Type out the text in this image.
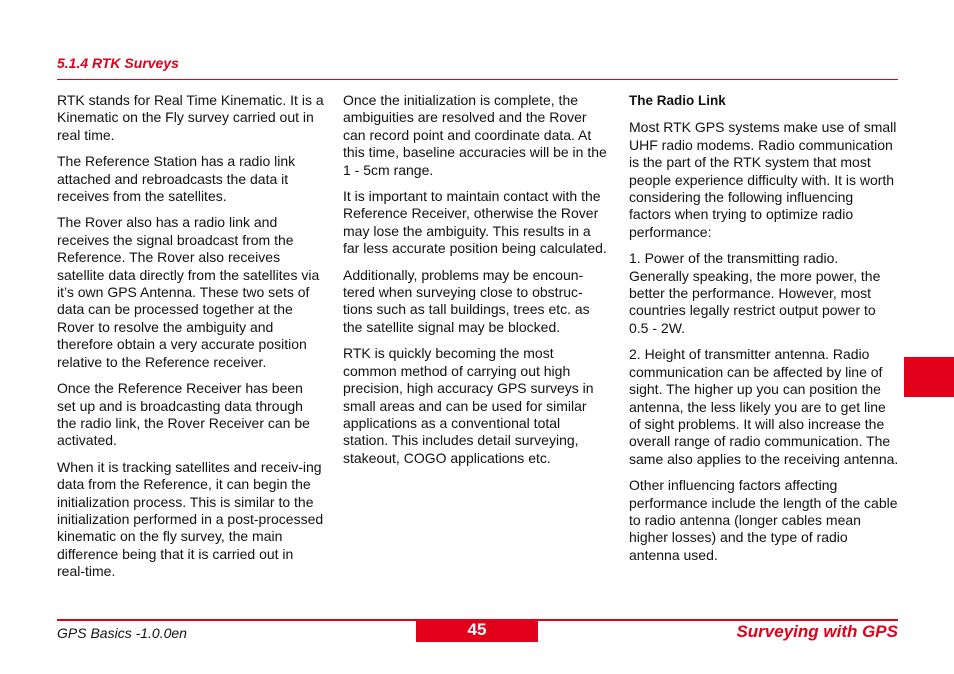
5.1.4 RTK Surveys

RTK stands for Real Time Kinematic. It is a Kinematic on the Fly survey carried out in real time.

The Reference Station has a radio link attached and rebroadcasts the data it receives from the satellites.

The Rover also has a radio link and receives the signal broadcast from the Reference. The Rover also receives satellite data directly from the satellites via it’s own GPS Antenna. These two sets of data can be processed together at the Rover to resolve the ambiguity and therefore obtain a very accurate position relative to the Reference receiver.

Once the Reference Receiver has been set up and is broadcasting data through the radio link, the Rover Receiver can be activated.

When it is tracking satellites and receiv-ing data from the Reference, it can begin the initialization process. This is similar to the initialization performed in a post-processed kinematic on the fly survey, the main difference being that it is carried out in real-time.

Once the initialization is complete, the ambiguities are resolved and the Rover can record point and coordinate data. At this time, baseline accuracies will be in the 1 - 5cm range.

It is important to maintain contact with the Reference Receiver, otherwise the Rover may lose the ambiguity. This results in a far less accurate position being calculated.

Additionally, problems may be encoun-tered when surveying close to obstruc-tions such as tall buildings, trees etc. as the satellite signal may be blocked.

RTK is quickly becoming the most common method of carrying out high precision, high accuracy GPS surveys in small areas and can be used for similar applications as a conventional total station. This includes detail surveying, stakeout, COGO applications etc.

The Radio Link

Most RTK GPS systems make use of small UHF radio modems. Radio communication is the part of the RTK system that most people experience difficulty with. It is worth considering the following influencing factors when trying to optimize radio performance:

1. Power of the transmitting radio. Generally speaking, the more power, the better the performance. However, most countries legally restrict output power to 0.5 - 2W.

2. Height of transmitter antenna. Radio communication can be affected by line of sight. The higher up you can position the antenna, the less likely you are to get line of sight problems. It will also increase the overall range of radio communication. The same also applies to the receiving antenna.

Other influencing factors affecting performance include the length of the cable to radio antenna (longer cables mean higher losses) and the type of radio antenna used.

GPS Basics -1.0.0en	45	Surveying with GPS
